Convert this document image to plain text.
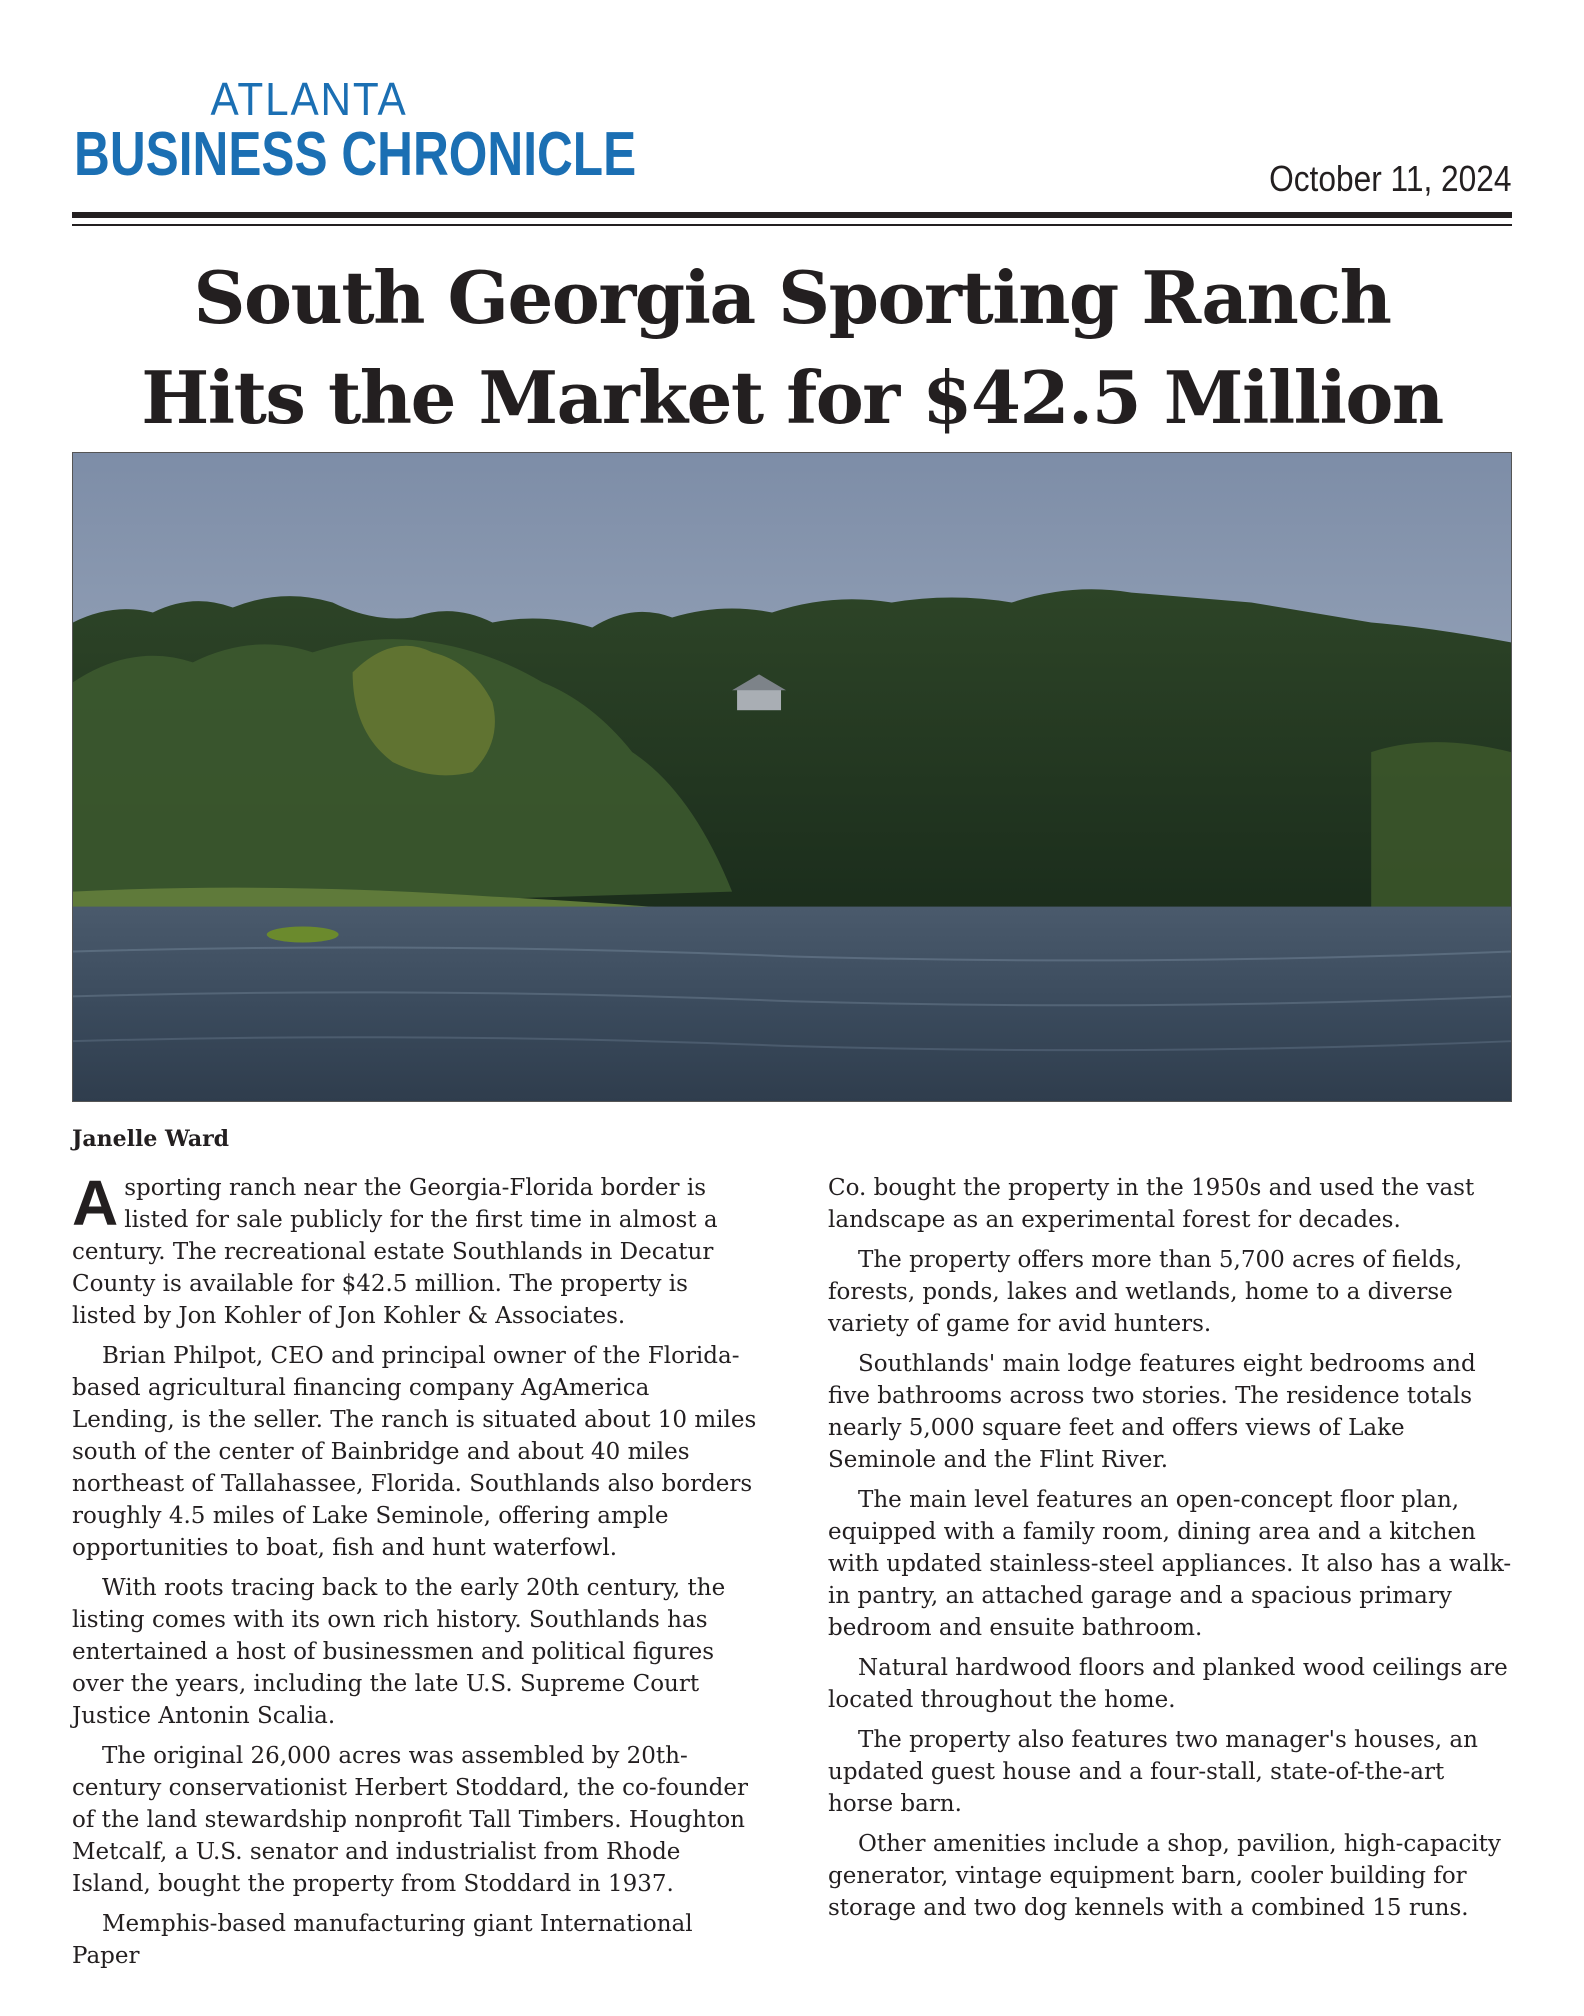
ATLANTA
BUSINESS CHRONICLE	October 11, 2024
South Georgia Sporting Ranch
Hits the Market for $42.5 Million
Janelle Ward

Asporting ranch near the Georgia-Florida border is listed for sale publicly for the first time in almost a century. The recreational estate Southlands in Decatur County is available for $42.5 million. The property is listed by Jon Kohler of Jon Kohler & Associates.

Brian Philpot, CEO and principal owner of the Florida-based agricultural financing company AgAmerica Lending, is the seller. The ranch is situated about 10 miles south of the center of Bainbridge and about 40 miles northeast of Tallahassee, Florida. Southlands also borders roughly 4.5 miles of Lake Seminole, offering ample opportunities to boat, fish and hunt waterfowl.

With roots tracing back to the early 20th century, the listing comes with its own rich history. Southlands has entertained a host of businessmen and political figures over the years, including the late U.S. Supreme Court Justice Antonin Scalia.

The original 26,000 acres was assembled by 20th-century conservationist Herbert Stoddard, the co-founder of the land stewardship nonprofit Tall Timbers. Houghton Metcalf, a U.S. senator and industrialist from Rhode Island, bought the property from Stoddard in 1937.

Memphis-based manufacturing giant International Paper

Co. bought the property in the 1950s and used the vast landscape as an experimental forest for decades.

The property offers more than 5,700 acres of fields, forests, ponds, lakes and wetlands, home to a diverse variety of game for avid hunters.

Southlands' main lodge features eight bedrooms and five bathrooms across two stories. The residence totals nearly 5,000 square feet and offers views of Lake Seminole and the Flint River.

The main level features an open-concept floor plan, equipped with a family room, dining area and a kitchen with updated stainless-steel appliances. It also has a walk-in pantry, an attached garage and a spacious primary bedroom and ensuite bathroom.

Natural hardwood floors and planked wood ceilings are located throughout the home.

The property also features two manager's houses, an updated guest house and a four-stall, state-of-the-art horse barn.

Other amenities include a shop, pavilion, high-capacity generator, vintage equipment barn, cooler building for storage and two dog kennels with a combined 15 runs.
